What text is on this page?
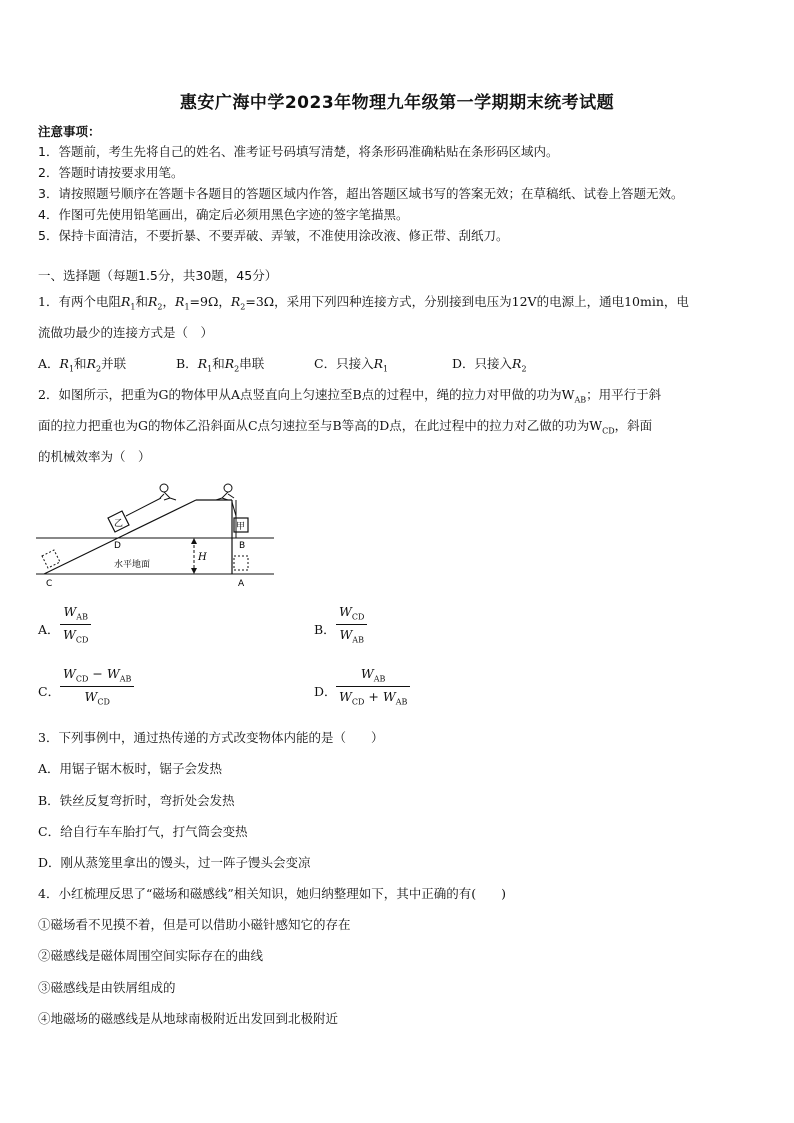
惠安广海中学2023年物理九年级第一学期期末统考试题
注意事项：
1．答题前，考生先将自己的姓名、准考证号码填写清楚，将条形码准确粘贴在条形码区域内。
2．答题时请按要求用笔。
3．请按照题号顺序在答题卡各题目的答题区域内作答，超出答题区域书写的答案无效；在草稿纸、试卷上答题无效。
4．作图可先使用铅笔画出，确定后必须用黑色字迹的签字笔描黑。
5．保持卡面清洁，不要折暴、不要弄破、弄皱，不准使用涂改液、修正带、刮纸刀。
一、选择题（每题1.5分，共30题，45分）
1．有两个电阻$R_1$和$R_2$，$R_1=9\Omega$，$R_2=3\Omega$，采用下列四种连接方式，分别接到电压为12V的电源上，通电10min，电
流做功最少的连接方式是（　）
A．$R_1$和$R_2$并联	B．$R_1$和$R_2$串联	C．只接入$R_1$	D．只接入$R_2$
2．如图所示，把重为G的物体甲从A点竖直向上匀速拉至B点的过程中，绳的拉力对甲做的功为$W_{AB}$；用平行于斜
面的拉力把重也为G的物体乙沿斜面从C点匀速拉至与B等高的D点，在此过程中的拉力对乙做的功为$W_{CD}$，斜面
的机械效率为（　）
乙	甲
H
D	B
C	A
水平地面
A．
$W_{AB}$
$W_{CD}$
B．
$W_{CD}$
$W_{AB}$
C．
$W_{CD} - W_{AB}$
$W_{CD}$
D．
$W_{AB}$
$W_{CD} + W_{AB}$
3．下列事例中，通过热传递的方式改变物体内能的是（　　）
A．用锯子锯木板时，锯子会发热
B．铁丝反复弯折时，弯折处会发热
C．给自行车车胎打气，打气筒会变热
D．刚从蒸笼里拿出的馒头，过一阵子馒头会变凉
4．小红梳理反思了“磁场和磁感线”相关知识，她归纳整理如下，其中正确的有(　　)
①磁场看不见摸不着，但是可以借助小磁针感知它的存在
②磁感线是磁体周围空间实际存在的曲线
③磁感线是由铁屑组成的
④地磁场的磁感线是从地球南极附近出发回到北极附近
